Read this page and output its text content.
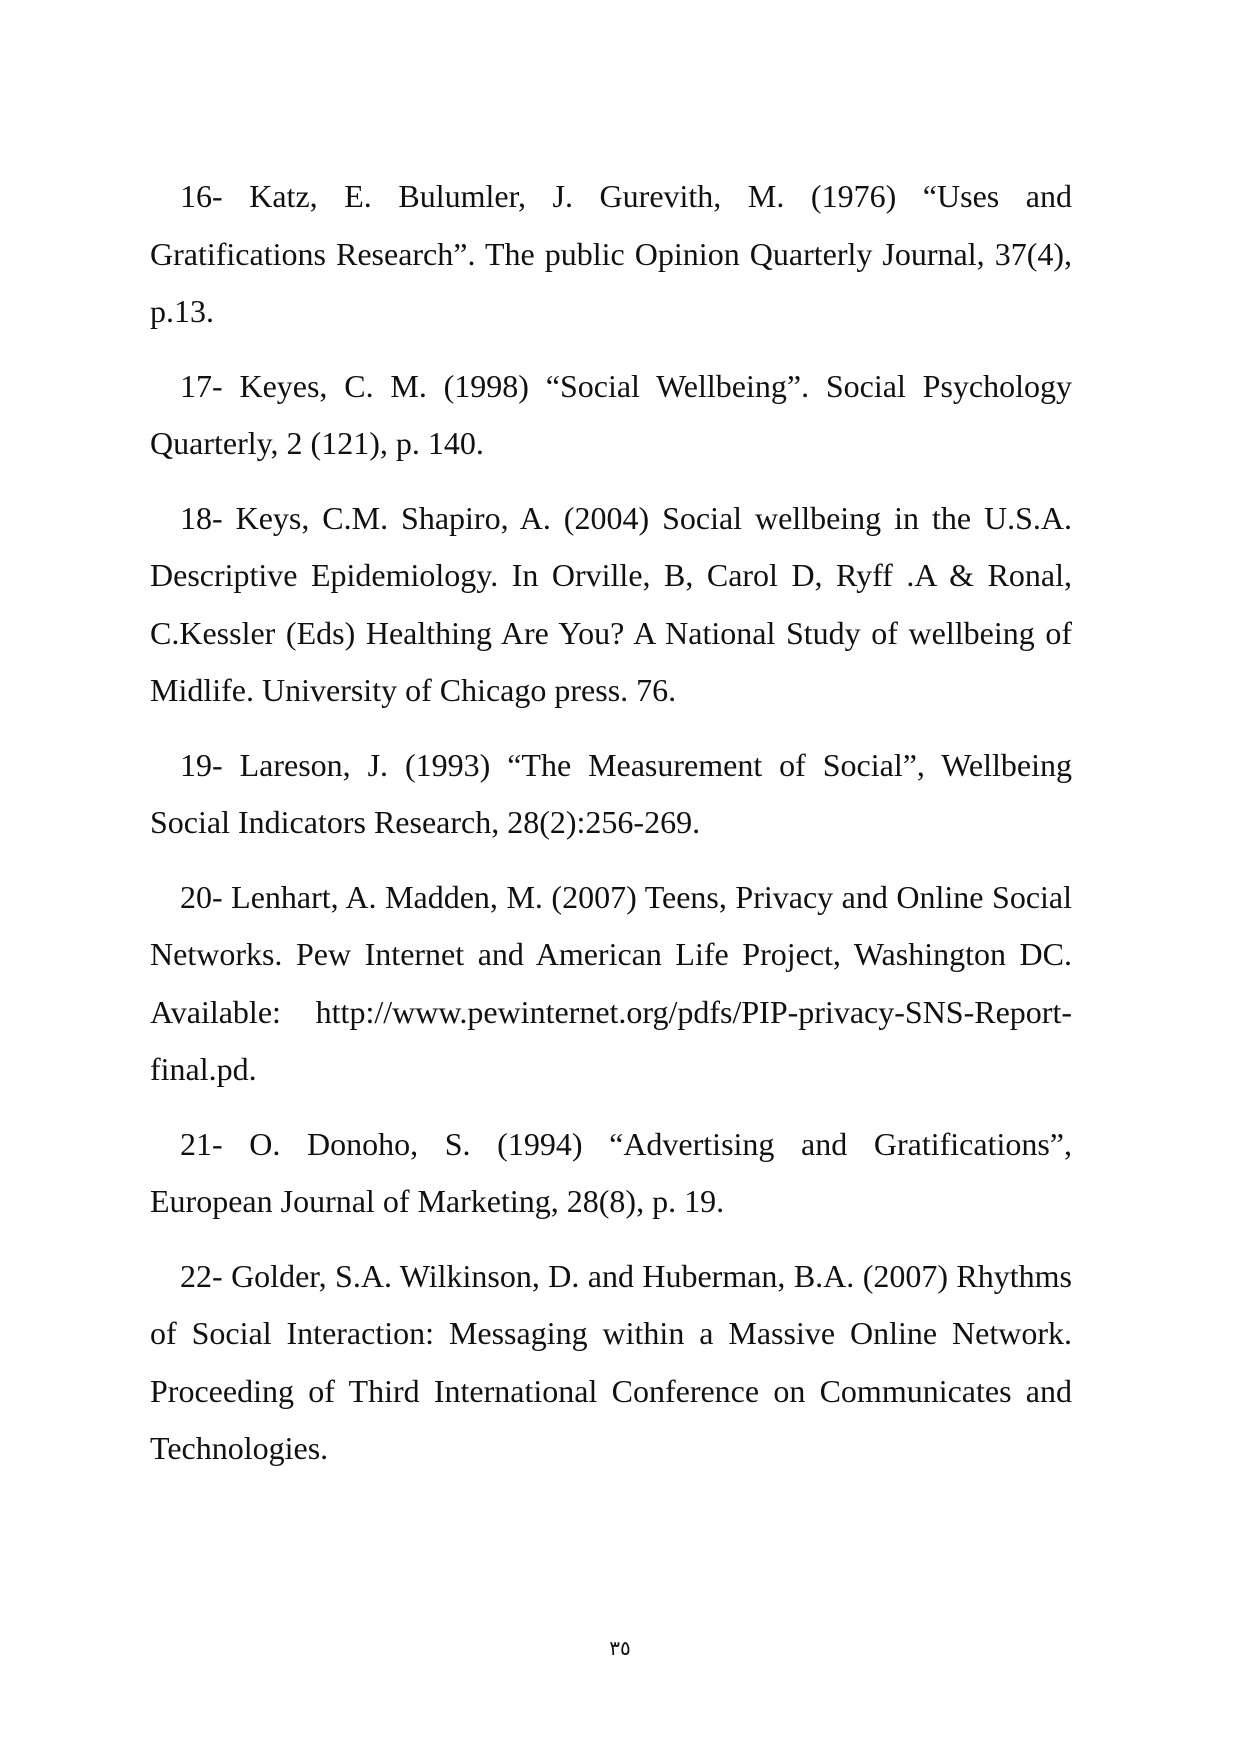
16- Katz, E. Bulumler, J. Gurevith, M. (1976) “Uses and Gratifications Research”. The public Opinion Quarterly Journal, 37(4), p.13.

17- Keyes, C. M. (1998) “Social Wellbeing”. Social Psychology Quarterly, 2 (121), p. 140.

18- Keys, C.M. Shapiro, A. (2004) Social wellbeing in the U.S.A. Descriptive Epidemiology. In Orville, B, Carol D, Ryff .A & Ronal, C.Kessler (Eds) Healthing Are You? A National Study of wellbeing of Midlife. University of Chicago press. 76.

19- Lareson, J. (1993) “The Measurement of Social”, Wellbeing Social Indicators Research, 28(2):256-269.

20- Lenhart, A. Madden, M. (2007) Teens, Privacy and Online Social Networks. Pew Internet and American Life Project, Washington DC. Available: http://www.pewinternet.org/pdfs/PIP-privacy-SNS-Report-final.pd.

21- O. Donoho, S. (1994) “Advertising and Gratifications”, European Journal of Marketing, 28(8), p. 19.

22- Golder, S.A. Wilkinson, D. and Huberman, B.A. (2007) Rhythms of Social Interaction: Messaging within a Massive Online Network. Proceeding of Third International Conference on Communicates and Technologies.

٣٥
